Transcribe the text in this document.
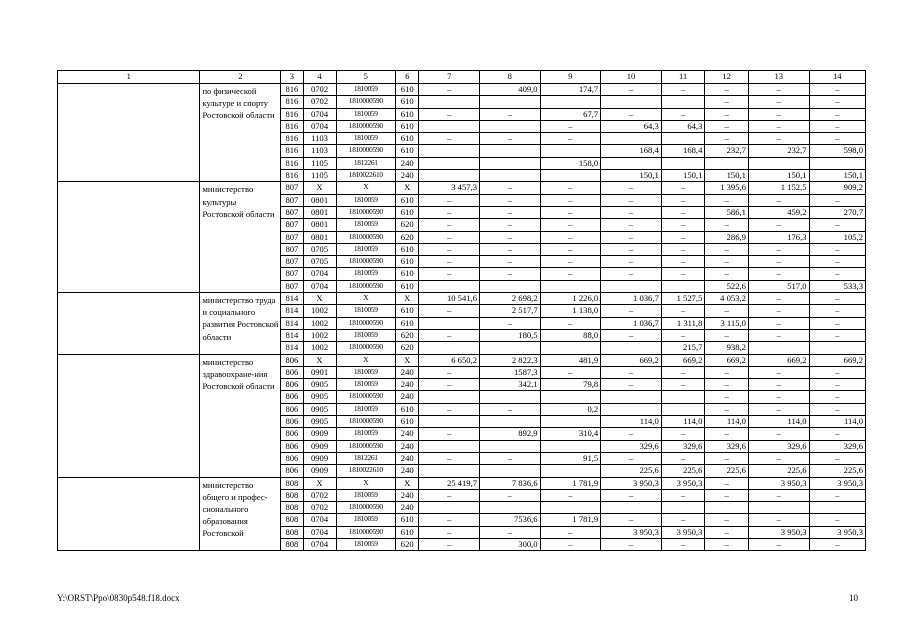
1	2	3	4	5	6	7	8	9	10	11	12	13	14
	по физической культуре и спорту Ростовской области	816	0702	1810059	610	–	409,0	174,7	–	–	–	–	–
		816	0702	1810000590	610						–	–	–
		816	0704	1810059	610	–	–	67,7	–	–	–	–	–
		816	0704	1810000590	610			–	64,3	64,3	–	–	–
		816	1103	1810059	610	–	–	–			–	–	–
		816	1103	1810000590	610				168,4	168,4	232,7	232,7	598,0
		816	1105	1812261	240			158,0					
		816	1105	1810022610	240				150,1	150,1	150,1	150,1	150,1
	министерство культуры Ростовской области	807	Х	Х	Х	3 457,3	–	–	–	–	1 395,6	1 152,5	909,2
		807	0801	1810059	610	–	–	–	–	–	–	–	–
		807	0801	1810000590	610	–	–	–	–	–	586,1	459,2	270,7
		807	0801	1810059	620	–	–	–	–	–	–	–	–
		807	0801	1810000590	620	–	–	–	–	–	286,9	176,3	105,2
		807	0705	1810059	610	–	–	–	–	–	–	–	–
		807	0705	1810000590	610	–	–	–	–	–	–	–	–
		807	0704	1810059	610	–	–	–	–	–	–	–	–
		807	0704	1810000590	610						522,6	517,0	533,3
	министерство труда и социального развития Ростовской области	814	Х	Х	Х	10 541,6	2 698,2	1 226,0	1 036,7	1 527,5	4 053,2	–	–
		814	1002	1810059	610	–	2 517,7	1 138,0	–	–	–	–	–
		814	1002	1810000590	610		–	–	1 036,7	1 311,8	3 115,0	–	–
		814	1002	1810059	620	–	180,5	88,0	–	–	–	–	–
		814	1002	1810000590	620					215,7	938,2		
	министерство здравоохране-ния Ростовской области	806	Х	Х	Х	6 650,2	2 822,3	481,9	669,2	669,2	669,2	669,2	669,2
		806	0901	1810059	240	–	1587,3	–	–	–	–	–	–
		806	0905	1810059	240	–	342,1	79,8	–	–	–	–	–
		806	0905	1810000590	240						–	–	–
		806	0905	1810059	610	–	–	0,2			–	–	–
		806	0905	1810000590	610				114,0	114,0	114,0	114,0	114,0
		806	0909	1810059	240	–	892,9	310,4	–	–	–	–	–
		806	0909	1810000590	240				329,6	329,6	329,6	329,6	329,6
		806	0909	1812261	240	–	–	91,5	–	–	–	–	–
		806	0909	1810022610	240				225,6	225,6	225,6	225,6	225,6
	министерство общего и профес-сионального образования Ростовской	808	Х	Х	Х	25 419,7	7 836,6	1 781,9	3 950,3	3 950,3	–	3 950,3	3 950,3
		808	0702	1810059	240	–	–	–	–	–	–	–	–
		808	0702	1810000590	240								
		808	0704	1810059	610	–	7536,6	1 781,9	–	–	–	–	–
		808	0704	1810000590	610	–	–	–	3 950,3	3 950,3	–	3 950,3	3 950,3
		808	0704	1810059	620	–	300,0	–	–	–	–	–	–
Y:\ORST\Ppo\0830p548.f18.docx	10
